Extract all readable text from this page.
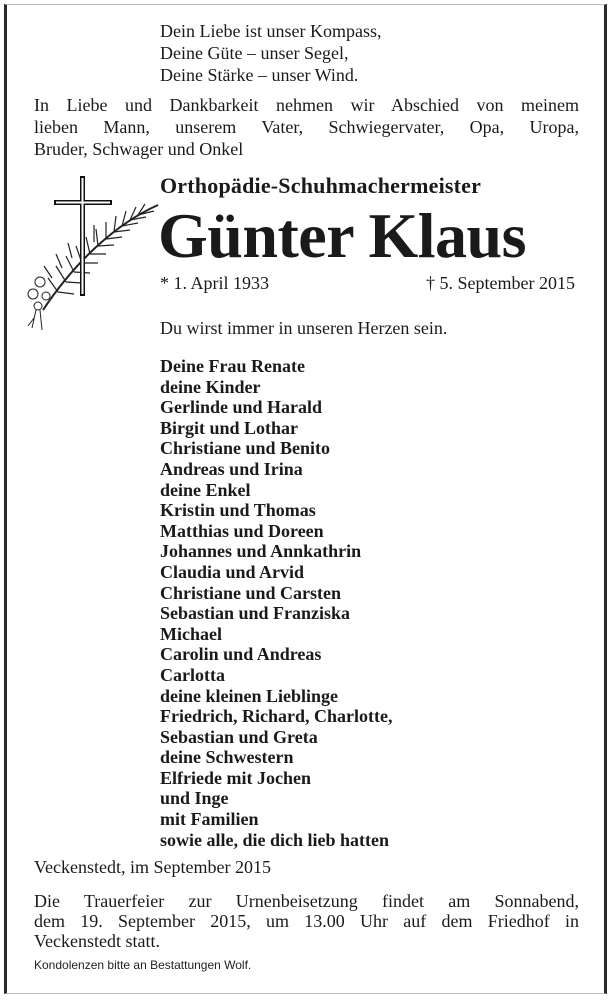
Dein Liebe ist unser Kompass,
Deine Güte – unser Segel,
Deine Stärke – unser Wind.
In Liebe und Dankbarkeit nehmen wir Abschied von meinem
lieben Mann, unserem Vater, Schwiegervater, Opa, Uropa,
Bruder, Schwager und Onkel
Orthopädie-Schuhmachermeister
Günter Klaus
* 1. April 1933	† 5. September 2015
Du wirst immer in unseren Herzen sein.
Deine Frau Renate
deine Kinder
Gerlinde und Harald
Birgit und Lothar
Christiane und Benito
Andreas und Irina
deine Enkel
Kristin und Thomas
Matthias und Doreen
Johannes und Annkathrin
Claudia und Arvid
Christiane und Carsten
Sebastian und Franziska
Michael
Carolin und Andreas
Carlotta
deine kleinen Lieblinge
Friedrich, Richard, Charlotte,
Sebastian und Greta
deine Schwestern
Elfriede mit Jochen
und Inge
mit Familien
sowie alle, die dich lieb hatten
Veckenstedt, im September 2015
Die Trauerfeier zur Urnenbeisetzung findet am Sonnabend,
dem 19. September 2015, um 13.00 Uhr auf dem Friedhof in
Veckenstedt statt.
Kondolenzen bitte an Bestattungen Wolf.
